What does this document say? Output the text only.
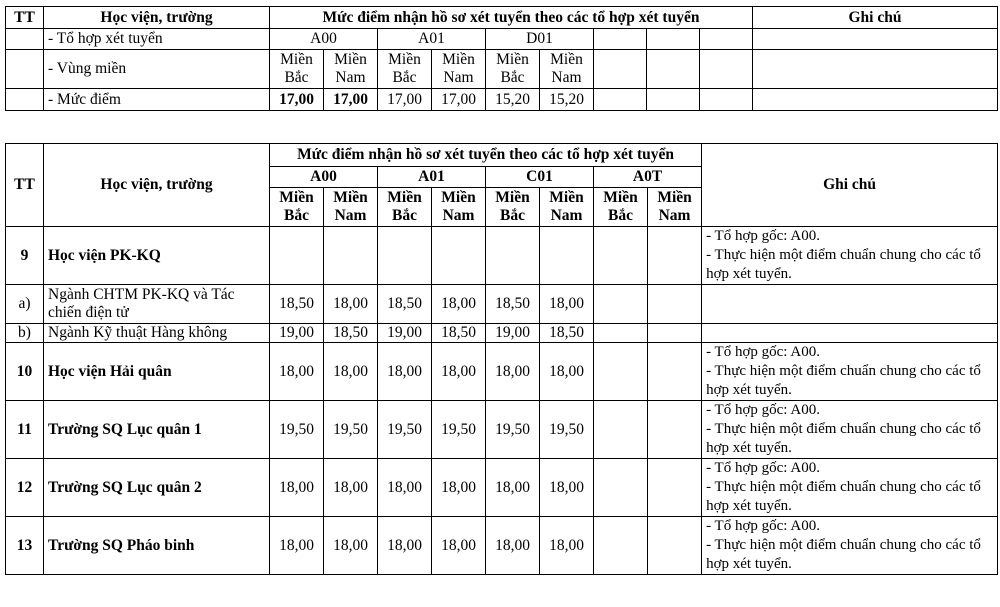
TT	Học viện, trường	Mức điểm nhận hồ sơ xét tuyển theo các tổ hợp xét tuyển									Ghi chú
	- Tổ hợp xét tuyển	A00		A01		D01					
	- Vùng miền	Miền Bắc	Miền Nam	Miền Bắc	Miền Nam	Miền Bắc	Miền Nam				
	- Mức điểm	17,00	17,00	17,00	17,00	15,20	15,20				
TT	Học viện, trường	Mức điểm nhận hồ sơ xét tuyển theo các tổ hợp xét tuyển								Ghi chú
		A00		A01		C01		A0T		
		Miền Bắc	Miền Nam	Miền Bắc	Miền Nam	Miền Bắc	Miền Nam	Miền Bắc	Miền Nam	
9	Học viện PK-KQ									- Tổ hợp gốc: A00.
- Thực hiện một điểm chuẩn chung cho các tổ hợp xét tuyển.

a)	Ngành CHTM PK-KQ và Tác chiến điện tử	18,50	18,00	18,50	18,00	18,50	18,00			

b)	Ngành Kỹ thuật Hàng không	19,00	18,50	19,00	18,50	19,00	18,50			

10	Học viện Hải quân	18,00	18,00	18,00	18,00	18,00	18,00			- Tổ hợp gốc: A00.
- Thực hiện một điểm chuẩn chung cho các tổ hợp xét tuyển.

11	Trường SQ Lục quân 1	19,50	19,50	19,50	19,50	19,50	19,50			- Tổ hợp gốc: A00.
- Thực hiện một điểm chuẩn chung cho các tổ hợp xét tuyển.

12	Trường SQ Lục quân 2	18,00	18,00	18,00	18,00	18,00	18,00			- Tổ hợp gốc: A00.
- Thực hiện một điểm chuẩn chung cho các tổ hợp xét tuyển.

13	Trường SQ Pháo binh	18,00	18,00	18,00	18,00	18,00	18,00			- Tổ hợp gốc: A00.
- Thực hiện một điểm chuẩn chung cho các tổ hợp xét tuyển.
